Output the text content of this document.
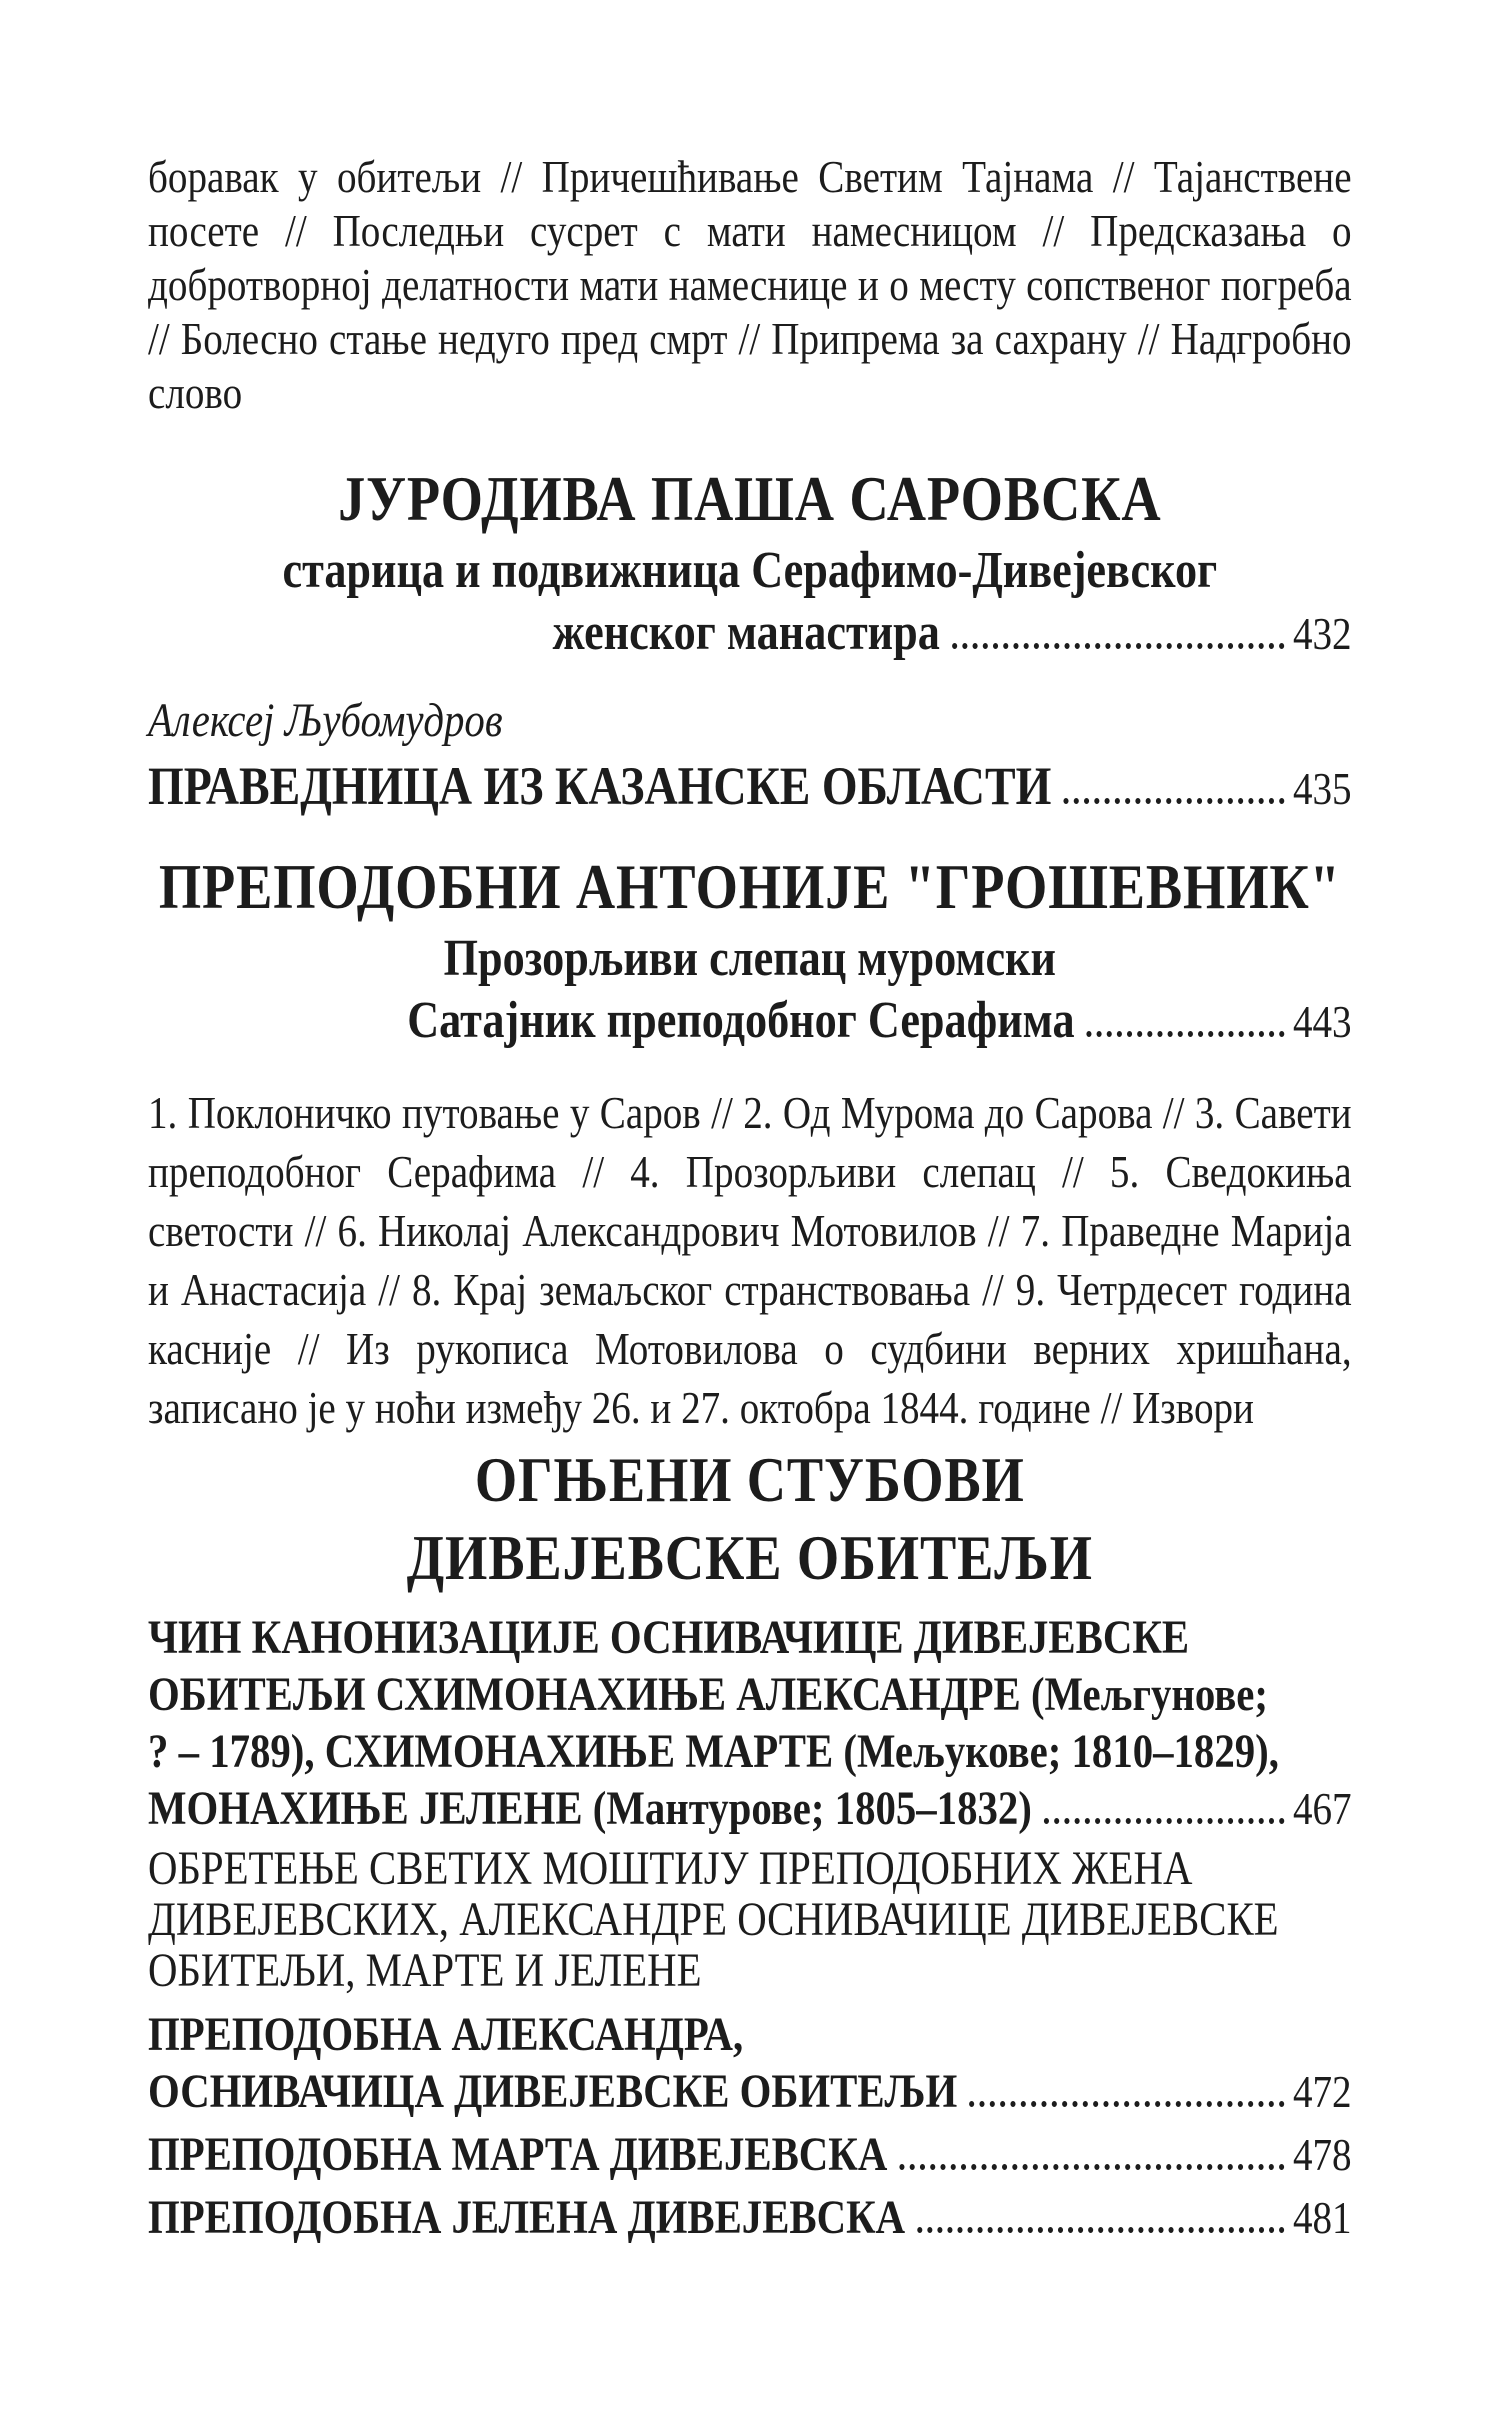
боравак у обитељи // Причешћивање Светим Тајнама // Тајанствене посете // Последњи сусрет с мати намесницом // Предсказања о добротворној делатности мати намеснице и о месту сопственог погреба // Болесно стање недуго пред смрт // Припрема за сахрану // Надгробно слово

ЈУРОДИВА ПАША САРОВСКА
старица и подвижница Серафимо-Дивејевског
женског манастира	432
Алексеј Љубомудров
ПРАВЕДНИЦА ИЗ КАЗАНСКЕ ОБЛАСТИ	435
ПРЕПОДОБНИ АНТОНИЈЕ "ГРОШЕВНИК"
Прозорљиви слепац муромски
Сатајник преподобног Серафима	443

1. Поклоничко путовање у Саров // 2. Од Мурома до Сарова // 3. Савети преподобног Серафима // 4. Прозорљиви слепац // 5. Сведокиња светости // 6. Николај Александрович Мотовилов // 7. Праведне Марија и Анастасија // 8. Крај земаљског странствовања // 9. Четрдесет година касније // Из рукописа Мотовилова о судбини верних хришћана, записано је у ноћи између 26. и 27. октобра 1844. године // Извори

ОГЊЕНИ СТУБОВИ
ДИВЕЈЕВСКЕ ОБИТЕЉИ
ЧИН КАНОНИЗАЦИЈЕ ОСНИВАЧИЦЕ ДИВЕЈЕВСКЕ
ОБИТЕЉИ СХИМОНАХИЊЕ АЛЕКСАНДРЕ (Мељгунове;
? – 1789), СХИМОНАХИЊЕ МАРТЕ (Мељукове; 1810–1829),
МОНАХИЊЕ ЈЕЛЕНЕ (Мантурове; 1805–1832)	467
ОБРЕТЕЊЕ СВЕТИХ МОШТИЈУ ПРЕПОДОБНИХ ЖЕНА
ДИВЕЈЕВСКИХ, АЛЕКСАНДРЕ ОСНИВАЧИЦЕ ДИВЕЈЕВСКЕ
ОБИТЕЉИ, МАРТЕ И ЈЕЛЕНЕ
ПРЕПОДОБНА АЛЕКСАНДРА,
ОСНИВАЧИЦА ДИВЕЈЕВСКЕ ОБИТЕЉИ	472
ПРЕПОДОБНА МАРТА ДИВЕЈЕВСКА	478
ПРЕПОДОБНА ЈЕЛЕНА ДИВЕЈЕВСКА	481
